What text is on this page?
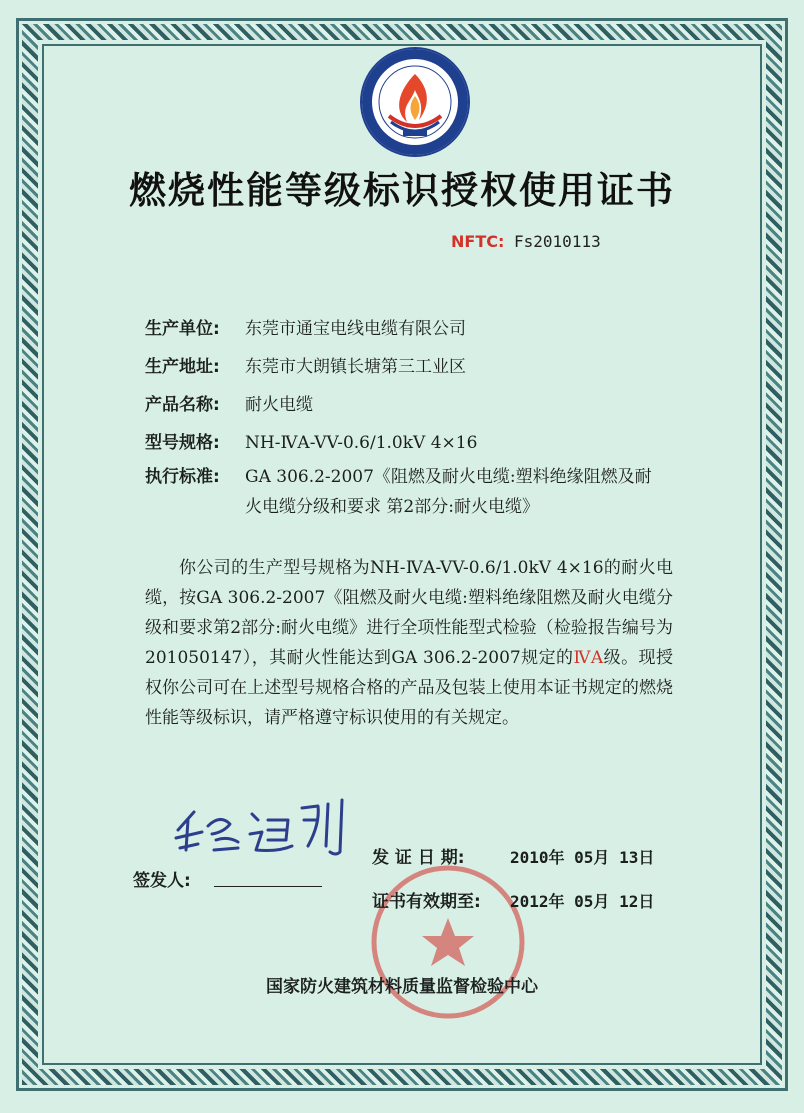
燃烧性能等级标识授权使用证书
NFTC: Fs2010113
生产单位:	东莞市通宝电线电缆有限公司
生产地址:	东莞市大朗镇长塘第三工业区
产品名称:	耐火电缆
型号规格:	NH-ⅣA-VV-0.6/1.0kV 4×16
执行标准:	GA 306.2-2007《阻燃及耐火电缆:塑料绝缘阻燃及耐火电缆分级和要求 第2部分:耐火电缆》
你公司的生产型号规格为NH-ⅣA-VV-0.6/1.0kV 4×16的耐火电缆，按GA 306.2-2007《阻燃及耐火电缆:塑料绝缘阻燃及耐火电缆分级和要求第2部分:耐火电缆》进行全项性能型式检验（检验报告编号为201050147），其耐火性能达到GA 306.2-2007规定的ⅣA级。现授权你公司可在上述型号规格合格的产品及包装上使用本证书规定的燃烧性能等级标识，请严格遵守标识使用的有关规定。
签发人:
发 证 日 期:	2010年 05月 13日
证书有效期至:	2012年 05月 12日
国家防火建筑材料质量监督检验中心
